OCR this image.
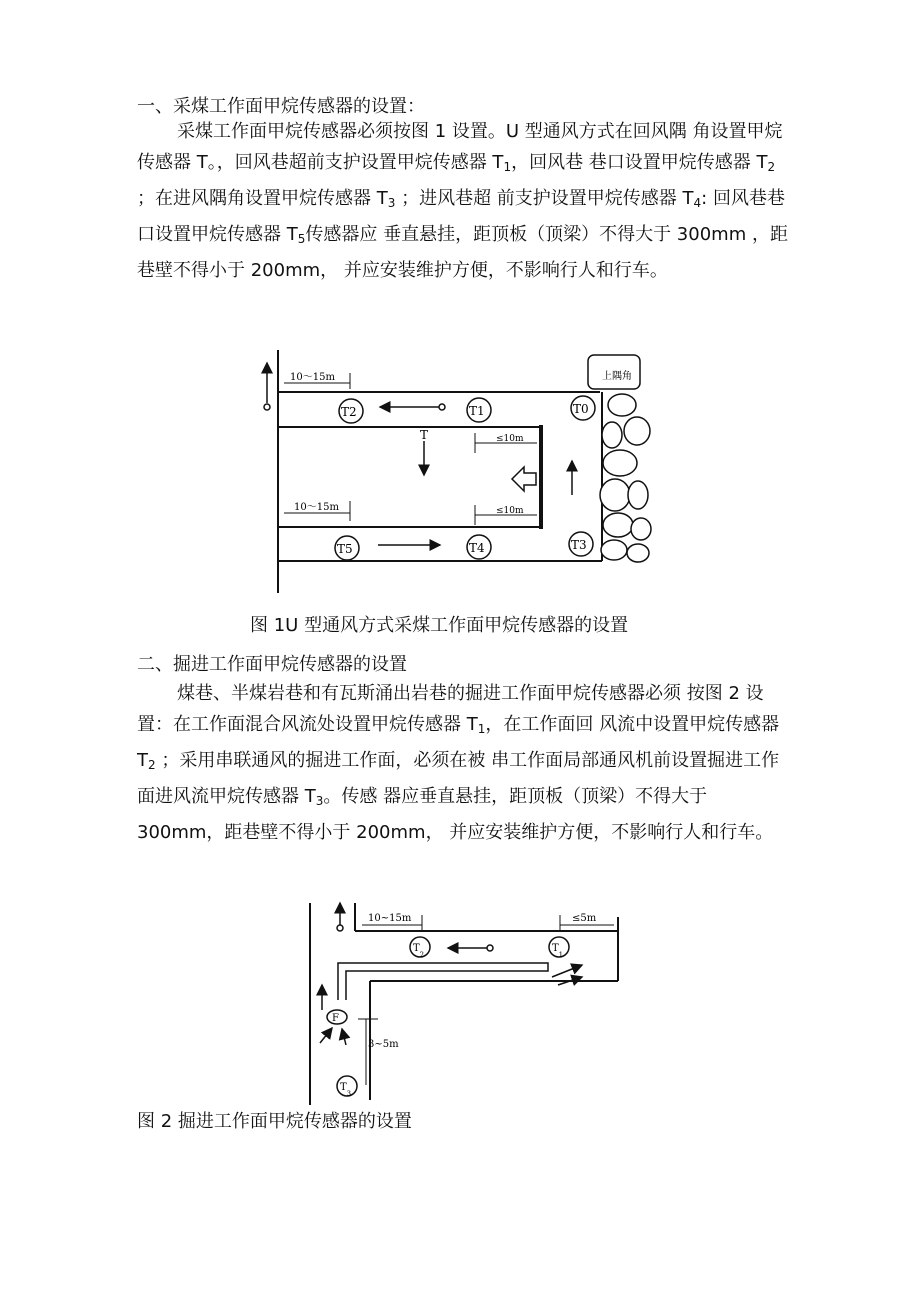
一、采煤工作面甲烷传感器的设置：

采煤工作面甲烷传感器必须按图 1 设置。U 型通风方式在回风隅 角设置甲烷传感器 T。，回风巷超前支护设置甲烷传感器 $T_1$，回风巷 巷口设置甲烷传感器 $T_2$ ；在进风隅角设置甲烷传感器 $T_3$ ；进风巷超 前支护设置甲烷传感器 $T_4$: 回风巷巷口设置甲烷传感器 $T_5$传感器应 垂直悬挂，距顶板（顶梁）不得大于 300mm ，距巷壁不得小于 200mm， 并应安装维护方便，不影响行人和行车。

上隅角
10～15m
10～15m
≤10m
≤10m
T
T2	T1	T0
T5	T4	T3

图 1U 型通风方式采煤工作面甲烷传感器的设置

二、掘进工作面甲烷传感器的设置

煤巷、半煤岩巷和有瓦斯涌出岩巷的掘进工作面甲烷传感器必须 按图 2 设置：在工作面混合风流处设置甲烷传感器 $T_1$，在工作面回 风流中设置甲烷传感器 $T_2$ ；采用串联通风的掘进工作面，必须在被 串工作面局部通风机前设置掘进工作面进风流甲烷传感器 $T_3$。传感 器应垂直悬挂，距顶板（顶梁）不得大于 300mm，距巷壁不得小于 200mm， 并应安装维护方便，不影响行人和行车。

10~15m	≤5m
3~5m
F
$T_2$
$T_1$
$T_3$

图 2 掘进工作面甲烷传感器的设置
